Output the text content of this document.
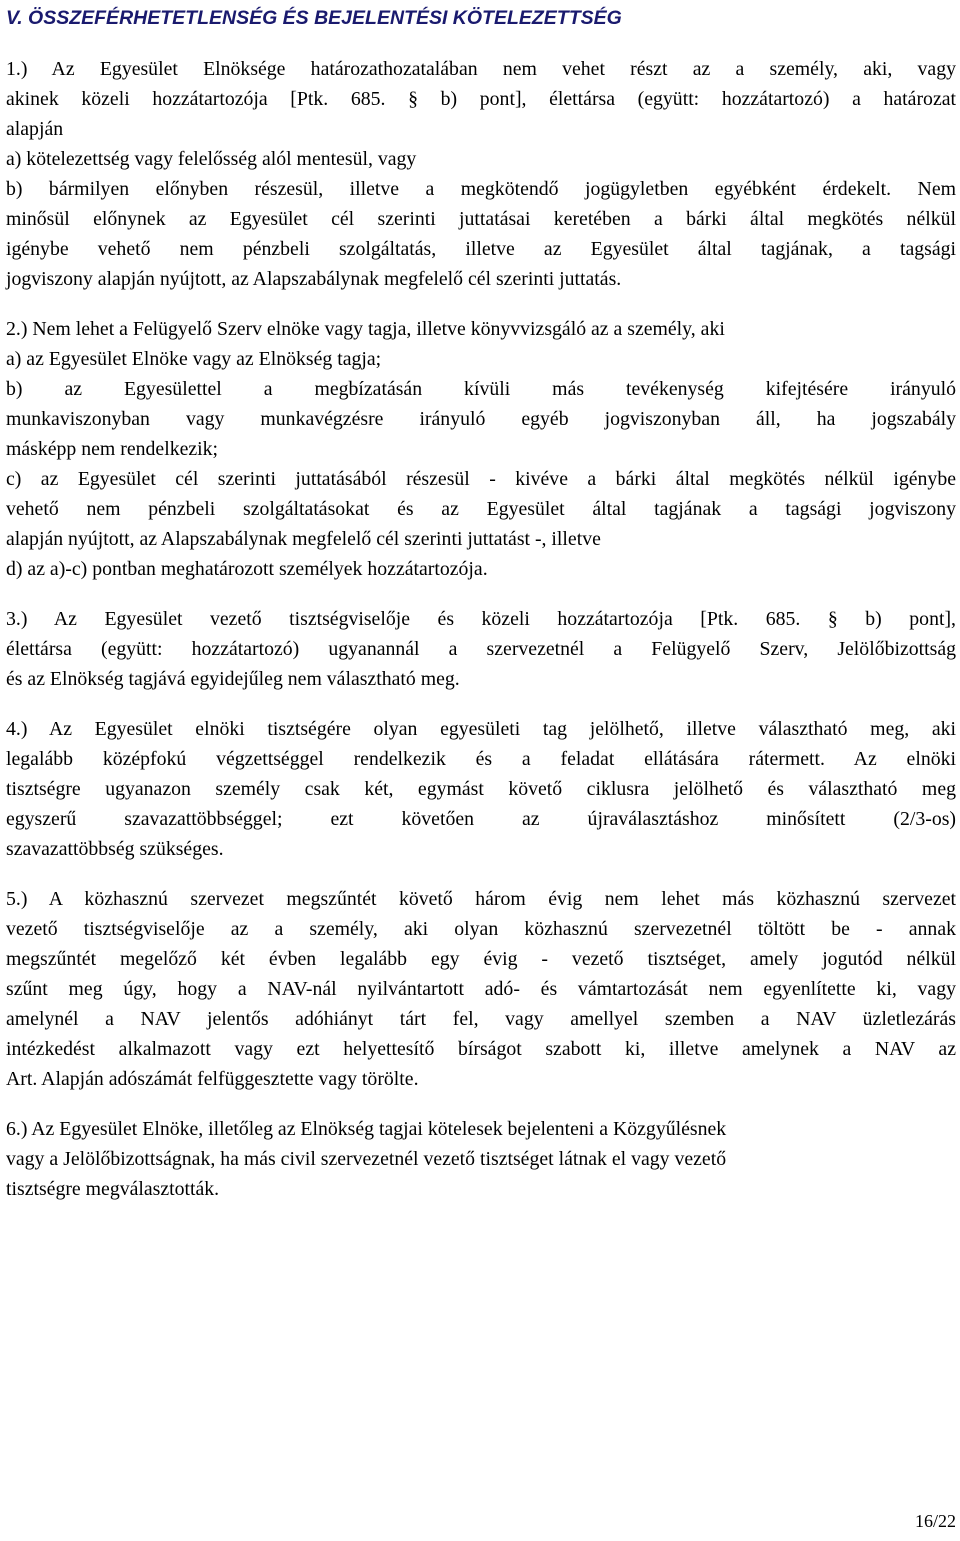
V. ÖSSZEFÉRHETETLENSÉG ÉS BEJELENTÉSI KÖTELEZETTSÉG
1.) Az Egyesület Elnöksége határozathozatalában nem vehet részt az a személy, aki, vagy
akinek közeli hozzátartozója [Ptk. 685. § b) pont], élettársa (együtt: hozzátartozó) a határozat
alapján
a) kötelezettség vagy felelősség alól mentesül, vagy
b) bármilyen előnyben részesül, illetve a megkötendő jogügyletben egyébként érdekelt. Nem
minősül előnynek az Egyesület cél szerinti juttatásai keretében a bárki által megkötés nélkül
igénybe vehető nem pénzbeli szolgáltatás, illetve az Egyesület által tagjának, a tagsági
jogviszony alapján nyújtott, az Alapszabálynak megfelelő cél szerinti juttatás.
2.) Nem lehet a Felügyelő Szerv elnöke vagy tagja, illetve könyvvizsgáló az a személy, aki
a) az Egyesület Elnöke vagy az Elnökség tagja;
b) az Egyesülettel a megbízatásán kívüli más tevékenység kifejtésére irányuló
munkaviszonyban vagy munkavégzésre irányuló egyéb jogviszonyban áll, ha jogszabály
másképp nem rendelkezik;
c) az Egyesület cél szerinti juttatásából részesül - kivéve a bárki által megkötés nélkül igénybe
vehető nem pénzbeli szolgáltatásokat és az Egyesület által tagjának a tagsági jogviszony
alapján nyújtott, az Alapszabálynak megfelelő cél szerinti juttatást -, illetve
d) az a)-c) pontban meghatározott személyek hozzátartozója.
3.) Az Egyesület vezető tisztségviselője és közeli hozzátartozója [Ptk. 685. § b) pont],
élettársa (együtt: hozzátartozó) ugyanannál a szervezetnél a Felügyelő Szerv, Jelölőbizottság
és az Elnökség tagjává egyidejűleg nem választható meg.
4.) Az Egyesület elnöki tisztségére olyan egyesületi tag jelölhető, illetve választható meg, aki
legalább középfokú végzettséggel rendelkezik és a feladat ellátására rátermett. Az elnöki
tisztségre ugyanazon személy csak két, egymást követő ciklusra jelölhető és választható meg
egyszerű szavazattöbbséggel; ezt követően az újraválasztáshoz minősített (2/3-os)
szavazattöbbség szükséges.
5.) A közhasznú szervezet megszűntét követő három évig nem lehet más közhasznú szervezet
vezető tisztségviselője az a személy, aki olyan közhasznú szervezetnél töltött be - annak
megszűntét megelőző két évben legalább egy évig - vezető tisztséget, amely jogutód nélkül
szűnt meg úgy, hogy a NAV-nál nyilvántartott adó- és vámtartozását nem egyenlítette ki, vagy
amelynél a NAV jelentős adóhiányt tárt fel, vagy amellyel szemben a NAV üzletlezárás
intézkedést alkalmazott vagy ezt helyettesítő bírságot szabott ki, illetve amelynek a NAV az
Art. Alapján adószámát felfüggesztette vagy törölte.
6.) Az Egyesület Elnöke, illetőleg az Elnökség tagjai kötelesek bejelenteni a Közgyűlésnek
vagy a Jelölőbizottságnak, ha más civil szervezetnél vezető tisztséget látnak el vagy vezető
tisztségre megválasztották.
16/22
